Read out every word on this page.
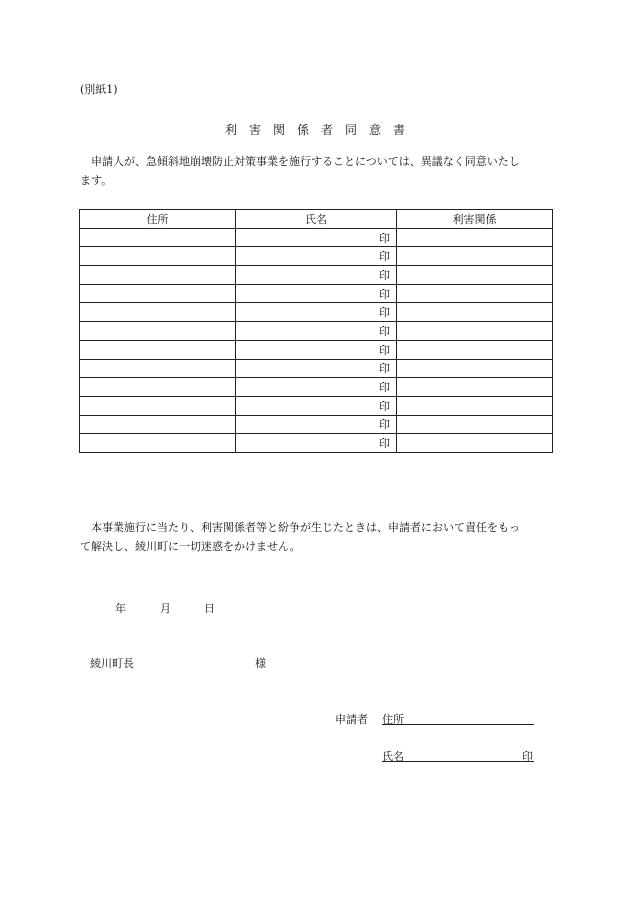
(別紙1)
利　害　関　係　者　同　意　書
申請人が、急傾斜地崩壊防止対策事業を施行することについては、異議なく同意いたし
ます。
住所	氏名	利害関係
	印	
	印	
	印	
	印	
	印	
	印	
	印	
	印	
	印	
	印	
	印	
	印	
本事業施行に当たり、利害関係者等と紛争が生じたときは、申請者において責任をもっ
て解決し、綾川町に一切迷惑をかけません。
年	月	日
綾川町長	様
申請者 住所
氏名	印
